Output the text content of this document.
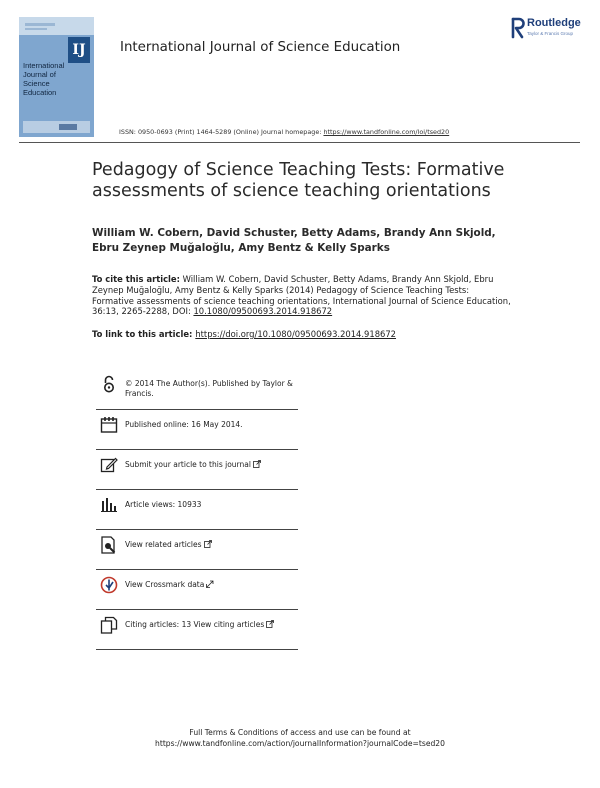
IJ
International
Journal of
Science
Education
Routledge
Taylor & Francis Group
International Journal of Science Education
ISSN: 0950-0693 (Print) 1464-5289 (Online) Journal homepage: https://www.tandfonline.com/loi/tsed20
Pedagogy of Science Teaching Tests: Formative assessments of science teaching orientations
William W. Cobern, David Schuster, Betty Adams, Brandy Ann Skjold, Ebru Zeynep Muğaloğlu, Amy Bentz & Kelly Sparks
To cite this article: William W. Cobern, David Schuster, Betty Adams, Brandy Ann Skjold, Ebru Zeynep Muğaloğlu, Amy Bentz & Kelly Sparks (2014) Pedagogy of Science Teaching Tests: Formative assessments of science teaching orientations, International Journal of Science Education, 36:13, 2265-2288, DOI: 10.1080/09500693.2014.918672
To link to this article: https://doi.org/10.1080/09500693.2014.918672
© 2014 The Author(s). Published by Taylor & Francis.
Published online: 16 May 2014.
Submit your article to this journal
Article views: 10933
View related articles
View Crossmark data
Citing articles: 13 View citing articles
Full Terms & Conditions of access and use can be found at
https://www.tandfonline.com/action/journalInformation?journalCode=tsed20
